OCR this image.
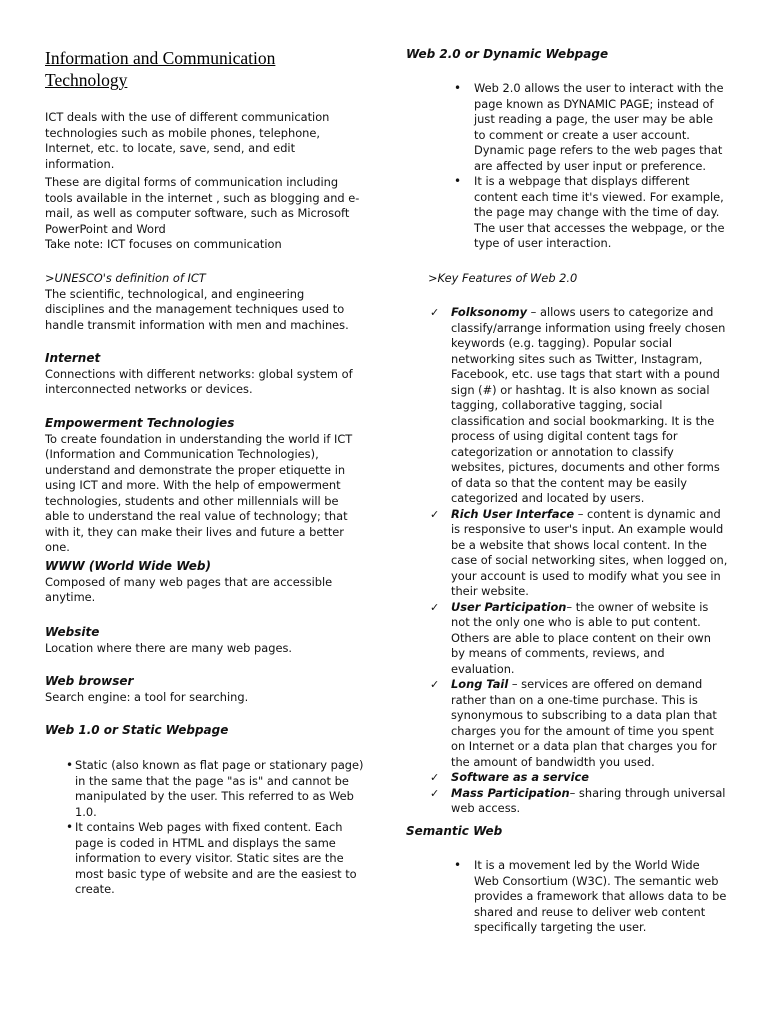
Information and Communication Technology

ICT deals with the use of different communication technologies such as mobile phones, telephone, Internet, etc. to locate, save, send, and edit information.

These are digital forms of communication including tools available in the internet , such as blogging and e-mail, as well as computer software, such as Microsoft PowerPoint and Word

Take note: ICT focuses on communication

>UNESCO's definition of ICT

The scientific, technological, and engineering disciplines and the management techniques used to handle transmit information with men and machines.

Internet

Connections with different networks: global system of interconnected networks or devices.

Empowerment Technologies

To create foundation in understanding the world if ICT (Information and Communication Technologies), understand and demonstrate the proper etiquette in using ICT and more. With the help of empowerment technologies, students and other millennials will be able to understand the real value of technology; that with it, they can make their lives and future a better one.

WWW (World Wide Web)

Composed of many web pages that are accessible anytime.

Website

Location where there are many web pages.

Web browser

Search engine: a tool for searching.

Web 1.0 or Static Webpage

• Static (also known as flat page or stationary page) in the same that the page "as is" and cannot be manipulated by the user. This referred to as Web 1.0.
• It contains Web pages with fixed content. Each page is coded in HTML and displays the same information to every visitor. Static sites are the most basic type of website and are the easiest to create.

Web 2.0 or Dynamic Webpage

• Web 2.0 allows the user to interact with the page known as DYNAMIC PAGE; instead of just reading a page, the user may be able to comment or create a user account. Dynamic page refers to the web pages that are affected by user input or preference.
• It is a webpage that displays different content each time it's viewed. For example, the page may change with the time of day. The user that accesses the webpage, or the type of user interaction.

>Key Features of Web 2.0

✓ Folksonomy – allows users to categorize and classify/arrange information using freely chosen keywords (e.g. tagging). Popular social networking sites such as Twitter, Instagram, Facebook, etc. use tags that start with a pound sign (#) or hashtag. It is also known as social tagging, collaborative tagging, social classification and social bookmarking. It is the process of using digital content tags for categorization or annotation to classify websites, pictures, documents and other forms of data so that the content may be easily categorized and located by users.
✓ Rich User Interface – content is dynamic and is responsive to user's input. An example would be a website that shows local content. In the case of social networking sites, when logged on, your account is used to modify what you see in their website.
✓ User Participation– the owner of website is not the only one who is able to put content. Others are able to place content on their own by means of comments, reviews, and evaluation.
✓ Long Tail – services are offered on demand rather than on a one-time purchase. This is synonymous to subscribing to a data plan that charges you for the amount of time you spent on Internet or a data plan that charges you for the amount of bandwidth you used.
✓ Software as a service
✓ Mass Participation– sharing through universal web access.

Semantic Web

• It is a movement led by the World Wide Web Consortium (W3C). The semantic web provides a framework that allows data to be shared and reuse to deliver web content specifically targeting the user.
